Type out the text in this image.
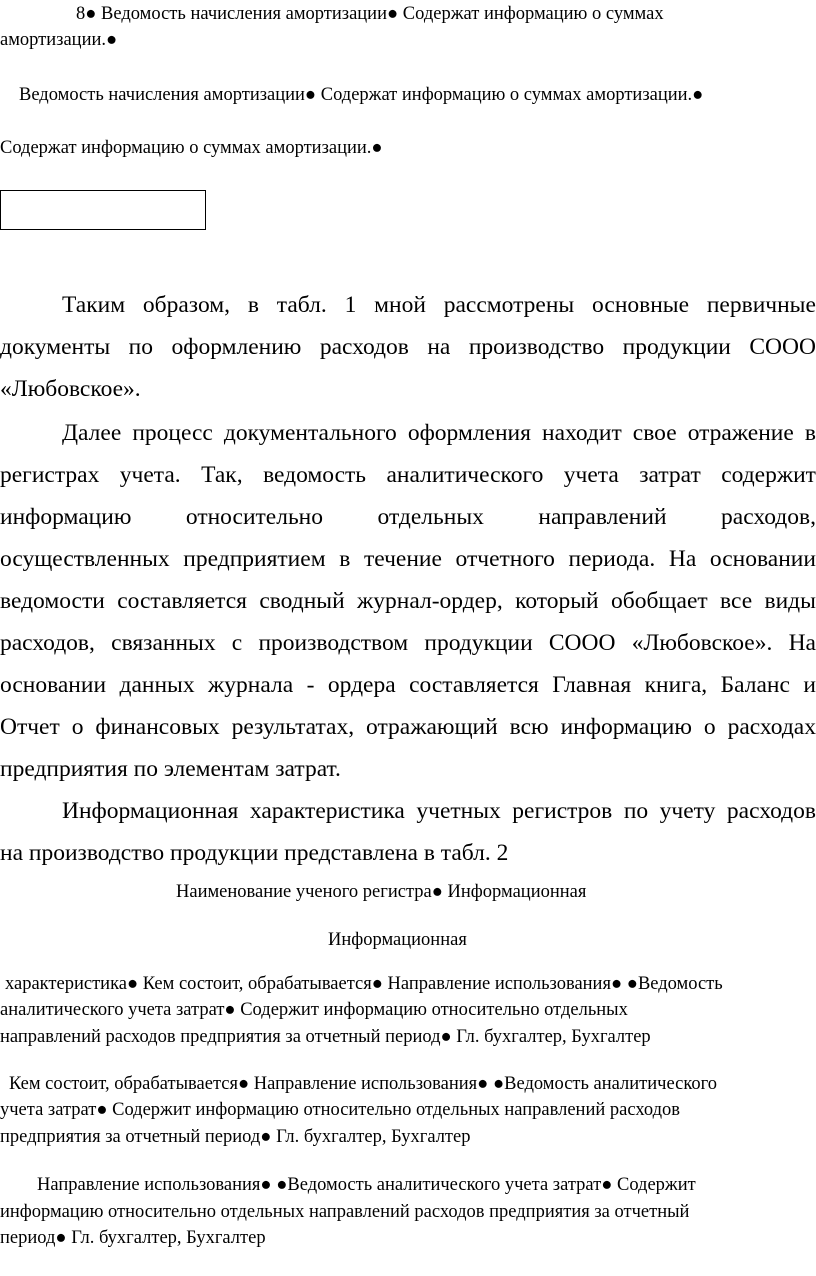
8● Ведомость начисления амортизации● Содержат информацию о суммах

амортизации.●

Ведомость начисления амортизации● Содержат информацию о суммах амортизации.●

Содержат информацию о суммах амортизации.●

Таким образом, в табл. 1 мной рассмотрены основные первичные
документы по оформлению расходов на производство продукции СООО

«Любовское».

Далее процесс документального оформления находит свое отражение в
регистрах учета. Так, ведомость аналитического учета затрат содержит
информацию относительно отдельных направлений расходов,
осуществленных предприятием в течение отчетного периода. На основании
ведомости составляется сводный журнал-ордер, который обобщает все виды
расходов, связанных с производством продукции СООО «Любовское». На
основании данных журнала - ордера составляется Главная книга, Баланс и
Отчет о финансовых результатах, отражающий всю информацию о расходах

предприятия по элементам затрат.

Информационная характеристика учетных регистров по учету расходов

на производство продукции представлена в табл. 2

Наименование ученого регистра● Информационная

Информационная

характеристика● Кем состоит, обрабатывается● Направление использования● ●Ведомость

аналитического учета затрат● Содержит информацию относительно отдельных

направлений расходов предприятия за отчетный период● Гл. бухгалтер, Бухгалтер

Кем состоит, обрабатывается● Направление использования● ●Ведомость аналитического

учета затрат● Содержит информацию относительно отдельных направлений расходов

предприятия за отчетный период● Гл. бухгалтер, Бухгалтер

Направление использования● ●Ведомость аналитического учета затрат● Содержит

информацию относительно отдельных направлений расходов предприятия за отчетный

период● Гл. бухгалтер, Бухгалтер
